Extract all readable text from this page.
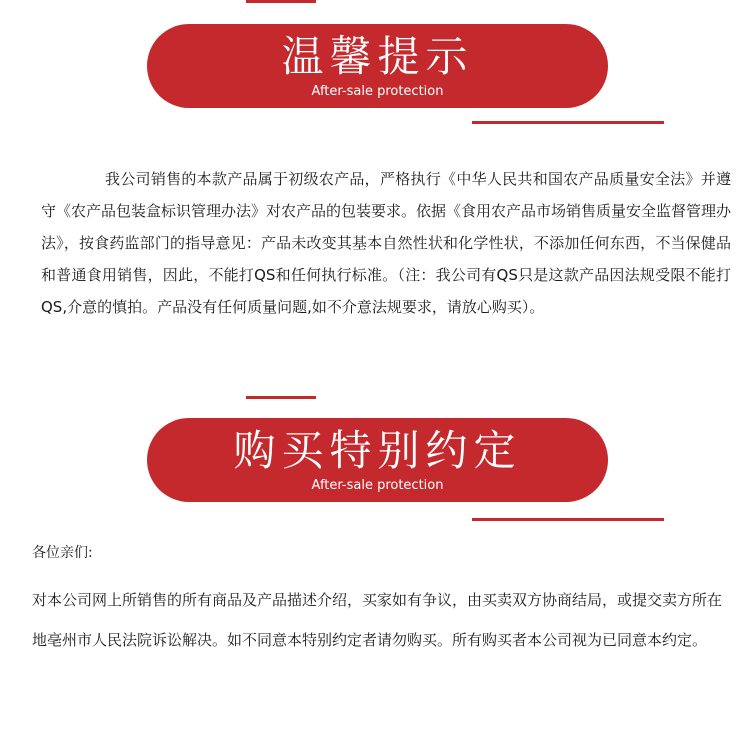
温馨提示
After-sale protection

我公司销售的本款产品属于初级农产品，严格执行《中华人民共和国农产品质量安全法》并遵守《农产品包装盒标识管理办法》对农产品的包装要求。依据《食用农产品市场销售质量安全监督管理办法》，按食药监部门的指导意见：产品未改变其基本自然性状和化学性状，不添加任何东西，不当保健品和普通食用销售，因此，不能打QS和任何执行标准。（注：我公司有QS只是这款产品因法规受限不能打QS,介意的慎拍。产品没有任何质量问题,如不介意法规要求，请放心购买）。

购买特别约定
After-sale protection

各位亲们:

对本公司网上所销售的所有商品及产品描述介绍，买家如有争议，由买卖双方协商结局，或提交卖方所在地亳州市人民法院诉讼解决。如不同意本特别约定者请勿购买。所有购买者本公司视为已同意本约定。
